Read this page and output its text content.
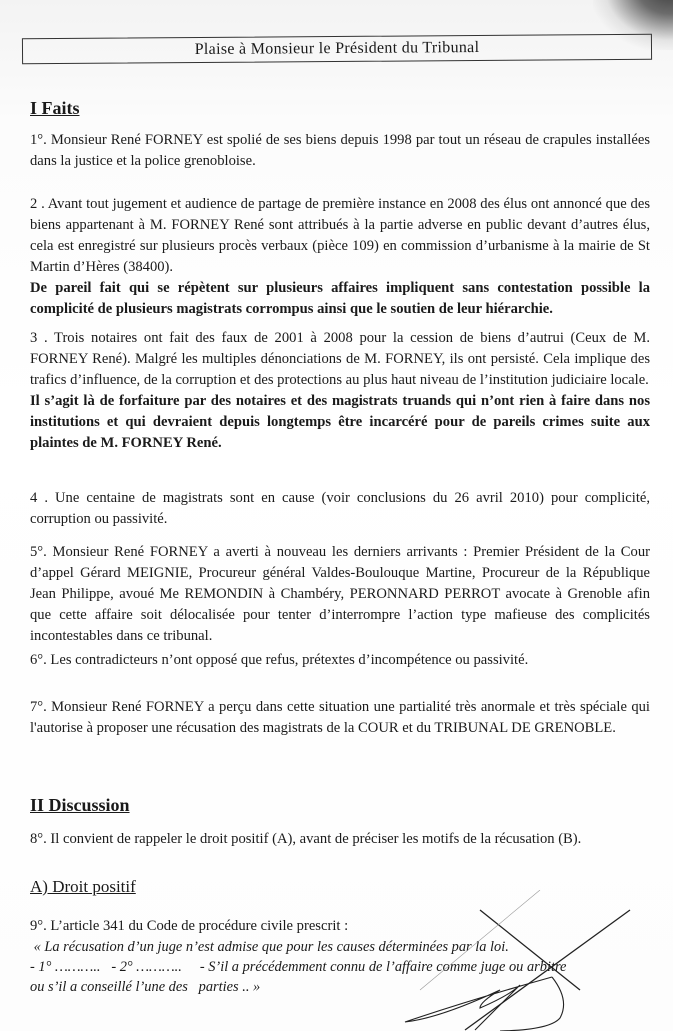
Plaise à Monsieur le Président du Tribunal
I Faits
1°. Monsieur René FORNEY est spolié de ses biens depuis 1998 par tout un réseau de crapules installées dans la justice et la police grenobloise.
2 . Avant tout jugement et audience de partage de première instance en 2008 des élus ont annoncé que des biens appartenant à M. FORNEY René sont attribués à la partie adverse en public devant d’autres élus, cela est enregistré sur plusieurs procès verbaux (pièce 109) en commission d’urbanisme à la mairie de St Martin d’Hères (38400).
De pareil fait qui se répètent sur plusieurs affaires impliquent sans contestation possible la complicité de plusieurs magistrats corrompus ainsi que le soutien de leur hiérarchie.
3 . Trois notaires ont fait des faux de 2001 à 2008 pour la cession de biens d’autrui (Ceux de M. FORNEY René). Malgré les multiples dénonciations de M. FORNEY, ils ont persisté. Cela implique des trafics d’influence, de la corruption et des protections au plus haut niveau de l’institution judiciaire locale.
Il s’agit là de forfaiture par des notaires et des magistrats truands qui n’ont rien à faire dans nos institutions et qui devraient depuis longtemps être incarcéré pour de pareils crimes suite aux plaintes de M. FORNEY René.
4 . Une centaine de magistrats sont en cause (voir conclusions du 26 avril 2010) pour complicité, corruption ou passivité.
5°. Monsieur René FORNEY a averti à nouveau les derniers arrivants : Premier Président de la Cour d’appel Gérard MEIGNIE, Procureur général Valdes-Boulouque Martine, Procureur de la République Jean Philippe, avoué Me REMONDIN à Chambéry, PERONNARD PERROT avocate à Grenoble afin que cette affaire soit délocalisée pour tenter d’interrompre l’action type mafieuse des complicités incontestables dans ce tribunal.
6°. Les contradicteurs n’ont opposé que refus, prétextes d’incompétence ou passivité.
7°. Monsieur René FORNEY a perçu dans cette situation une partialité très anormale et très spéciale qui l'autorise à proposer une récusation des magistrats de la COUR et du TRIBUNAL DE GRENOBLE.
II Discussion
8°. Il convient de rappeler le droit positif (A), avant de préciser les motifs de la récusation (B).
A) Droit positif
9°. L’article 341 du Code de procédure civile prescrit :
« La récusation d’un juge n’est admise que pour les causes déterminées par la loi.
- 1° ………..   - 2° ………..     - S’il a précédemment connu de l’affaire comme juge ou arbitre
ou s’il a conseillé l’une des   parties .. »
